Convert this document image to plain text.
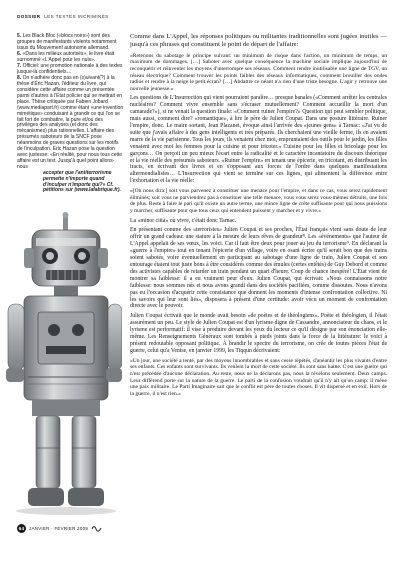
DOSSIER LES TEXTES INCRIMINÉS

5. Les Black Bloc («blocs noirs») sont des groupes de manifestants violents notamment issus du Mouvement autonome allemand.

6. «Dans les milieux autorisés», le livre était surnommé «L'Appel pour les nuls».

7. Officiel: une promotion nationale à des textes jusque-là confidentiels…

8. On n'adhère donc pas en (s)uivant(?) à la thèse d'Éric Hazan, l'éditeur du livre, qui considère cette affaire comme un présentée parmi d'autres à l'État policier qui se mettrait en place. Thèse critiquée par Fabien Jobard (www.mediapart.fr) comme étant «une invention mimétique» conduisant à grandir ce qui l'on se fait fort de combattre, la pure et/ou des privilèges des analyses (et donc des mécanismes) plus rationnelles. L'affaire des présumés saboteurs de la SNCF pose néanmoins de graves questions sur les motifs de l'inculpation. Eric Hazan pose la question avec justesse: «En réalité, pour nous tous cette affaire est un test. Jusqu'à quel point allons-nous
accepter que l'antiterrorisme permette n'importe quand d'inculper n'importe qui?» Cf. pétitions sur (www.lafabrique.fr).

Comme dans L'Appel, les réponses politiques ou militantes traditionnelles sont jugées inutiles — jusqu'à ces phrases qui constituent le point de départ de l'affaire:

«Retenons du sabotage le principe suivant: un minimum de risque dans l'action, un minimum de temps, un maximum de dommages. […] Saboter avec quelque conséquence la machine sociale implique aujourd'hui de reconquérir et réinventer les moyens d'interrompre ses réseaux. Comment rendre inutilisable une ligne de TGV, un réseau électrique? Comment trouver les points faibles des réseaux informatiques, comment brouiller des ondes radios et rendre à la neige le petit écran? […] Abdattre ce néant n'a rien d'une triste besogne. L'agir y retrouve une nouvelle jeunesse.»

Les questions de L'Insurrection qui vient pourraient paraître… presque banales («Comment arrêter les centrales nucléaires? Comment vivre ensemble sans s'écraser mutuellement? Comment accueillir la mort d'un camarade?»), si ne venait la question finale: «Comment ruiner l'empire?» Question qui peut sembler politique, mais aussi, comment dire? «romantique», à lire le père de Julien Coupat. Dans une posture littéraire. Ruiner l'empire, donc. Le maire sortant, Jean Plazanet, évoque ainsi l'arrivée des «jeunes gens» à Tarnac: «J'ai vu de suite que j'avais affaire à des gens intelligents et très préparés. Ils cherchaient une vieille ferme, ils en avaient marre de la vie parisienne. Tous les jours, ils venaient chez moi, empruntaient des outils pour le jardin, les filles venaient avec moi les femmes pour la cuisine et pour tricoter.» Cuisine pour les filles et bricolage pour les garçons… On perçoit un peu mieux l'écart entre la radicalité et le caractère incantatoire du discours théorique et la vie réelle des présumés saboteurs. «Ruiner l'empire» en tenant une épicerie, en tricotant, en distribuant les tracts, en écrivant des livres et en s'opposant aux forces de l'ordre dans quelques manifestations altermondialistes… L'Insurrection qui vient se termine sur ces lignes, qui alimentent la différence entre l'exhortation et la vie réelle:

«[On nous dira:] soit vous parvenez à constituer une menace pour l'empire, et dans ce cas, vous serez rapidement éliminés; soit vous ne parviendrez pas à constituer une telle menace, vous vous serez vous-mêmes détruits, une fois de plus. Reste à faire le pari qu'il existe un autre terme, une mince ligne de crête suffisante pour qui nous puissions y marcher, suffisante pour que tous ceux qui entendent puissent y marcher et y vivre.»

La «minor città» où vivre, c'était donc Tarnac.

En présentant comme des «terroristes» Julien Coupat et ses proches, l'État français vient sans doute de leur offrir un grand cadeau: une stature à la mesure de leurs rêves de grandeur⁸. Les «événements» que l'auteur de L'Appel appelait de ses vœux, les voici. Car il faut être deux pour jouer au jeu du terrorisme⁹. En déclarant la «guerre à l'empire» tout en tenant l'épicerie d'un village, voire en osant écrire qu'il serait bon que des trains soient sabotés, voire éventuellement en participant au sabotage d'une ligne de train, Julien Coupat et son entourage étaient tout juste bons à être considérés comme des émules (certes entêtés) de Guy Debord et comme des activistes capables de retarder un train pendant un quart d'heure. Coup de chance inespéré! L'État vient de montrer sa faiblesse: il a eu vraiment peur d'eux. Julien Coupat, qui écrivait: «Nous connaissons notre faiblesse: nous sommes nés et nous avons grandi dans des sociétés pacifiées, comme dissoutes. Nous n'avons pas eu l'occasion d'acquérir cette consistance que donnent les moments d'intense confrontation collective. Ni les savoirs qui leur sont liés», disposera à présent d'une certitude: avoir vécu un moment de confrontation directe avec le pouvoir.

Julien Coupat écrivait que le monde avait besoin «de poètes et de théologiens». Poète et théologien, il l'était assurément un peu. Le style de Julien Coupat est d'un lyrisme digne de Cassandre, annonciateur du chaos, et le lyrisme est performatif: il vise à produire devant les yeux du lecteur ce qu'il désigne par son énonciation elle-même. Les Renseignements Généraux sont tombés à pieds joints dans la force de la littérature: le voici à présent redoutable opposant politique. À brandir le spectre du terrorisme, on crée de toutes pièces l'état de guerre, celui qu'a Venise, en janvier 1999, les Tiqqun décrivaient:

«Un jour, une société a tenté, par des moyens innombrables et sans cesse répétés, d'anéantir les plus vivants d'entre ses enfants. Ces enfants sont survivants. Ils veulent la mort de cette société. Ils sont sans haine. C'est une guerre qui n'est précédée d'aucune déclaration. Au reste, nous ne la déclarons pas, nous la révélons seulement. Deux camps. Leur différend porte sur la nature de la guerre. Le parti de la confusion voudrait qu'il n'y ait qu'un camp: il mène une paix militaire. Le Parti Imaginaire sait que le conflit est père de toutes choses. Il vit dispersé et en exil. Hors de la guerre, il n'est rien.»

64	JANVIER · FÉVRIER 2009
